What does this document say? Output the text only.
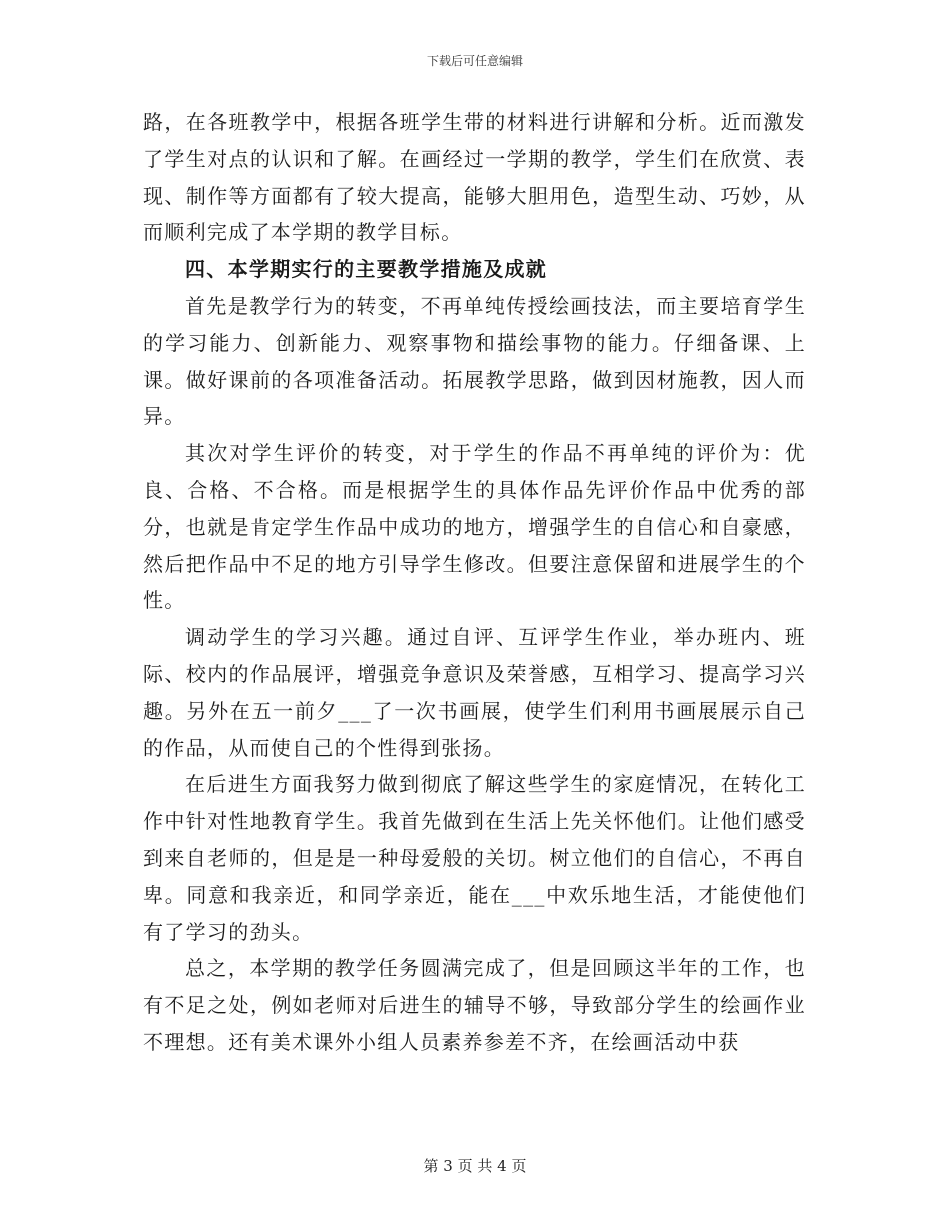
下载后可任意编辑

路，在各班教学中，根据各班学生带的材料进行讲解和分析。近而激发了学生对点的认识和了解。在画经过一学期的教学，学生们在欣赏、表现、制作等方面都有了较大提高，能够大胆用色，造型生动、巧妙，从而顺利完成了本学期的教学目标。

四、本学期实行的主要教学措施及成就

首先是教学行为的转变，不再单纯传授绘画技法，而主要培育学生的学习能力、创新能力、观察事物和描绘事物的能力。仔细备课、上课。做好课前的各项准备活动。拓展教学思路，做到因材施教，因人而异。

其次对学生评价的转变，对于学生的作品不再单纯的评价为：优良、合格、不合格。而是根据学生的具体作品先评价作品中优秀的部分，也就是肯定学生作品中成功的地方，增强学生的自信心和自豪感，然后把作品中不足的地方引导学生修改。但要注意保留和进展学生的个性。

调动学生的学习兴趣。通过自评、互评学生作业，举办班内、班际、校内的作品展评，增强竞争意识及荣誉感，互相学习、提高学习兴趣。另外在五一前夕___了一次书画展，使学生们利用书画展展示自己的作品，从而使自己的个性得到张扬。

在后进生方面我努力做到彻底了解这些学生的家庭情况，在转化工作中针对性地教育学生。我首先做到在生活上先关怀他们。让他们感受到来自老师的，但是是一种母爱般的关切。树立他们的自信心，不再自卑。同意和我亲近，和同学亲近，能在___中欢乐地生活，才能使他们有了学习的劲头。

总之，本学期的教学任务圆满完成了，但是回顾这半年的工作，也有不足之处，例如老师对后进生的辅导不够，导致部分学生的绘画作业不理想。还有美术课外小组人员素养参差不齐，在绘画活动中获

第 3 页 共 4 页
